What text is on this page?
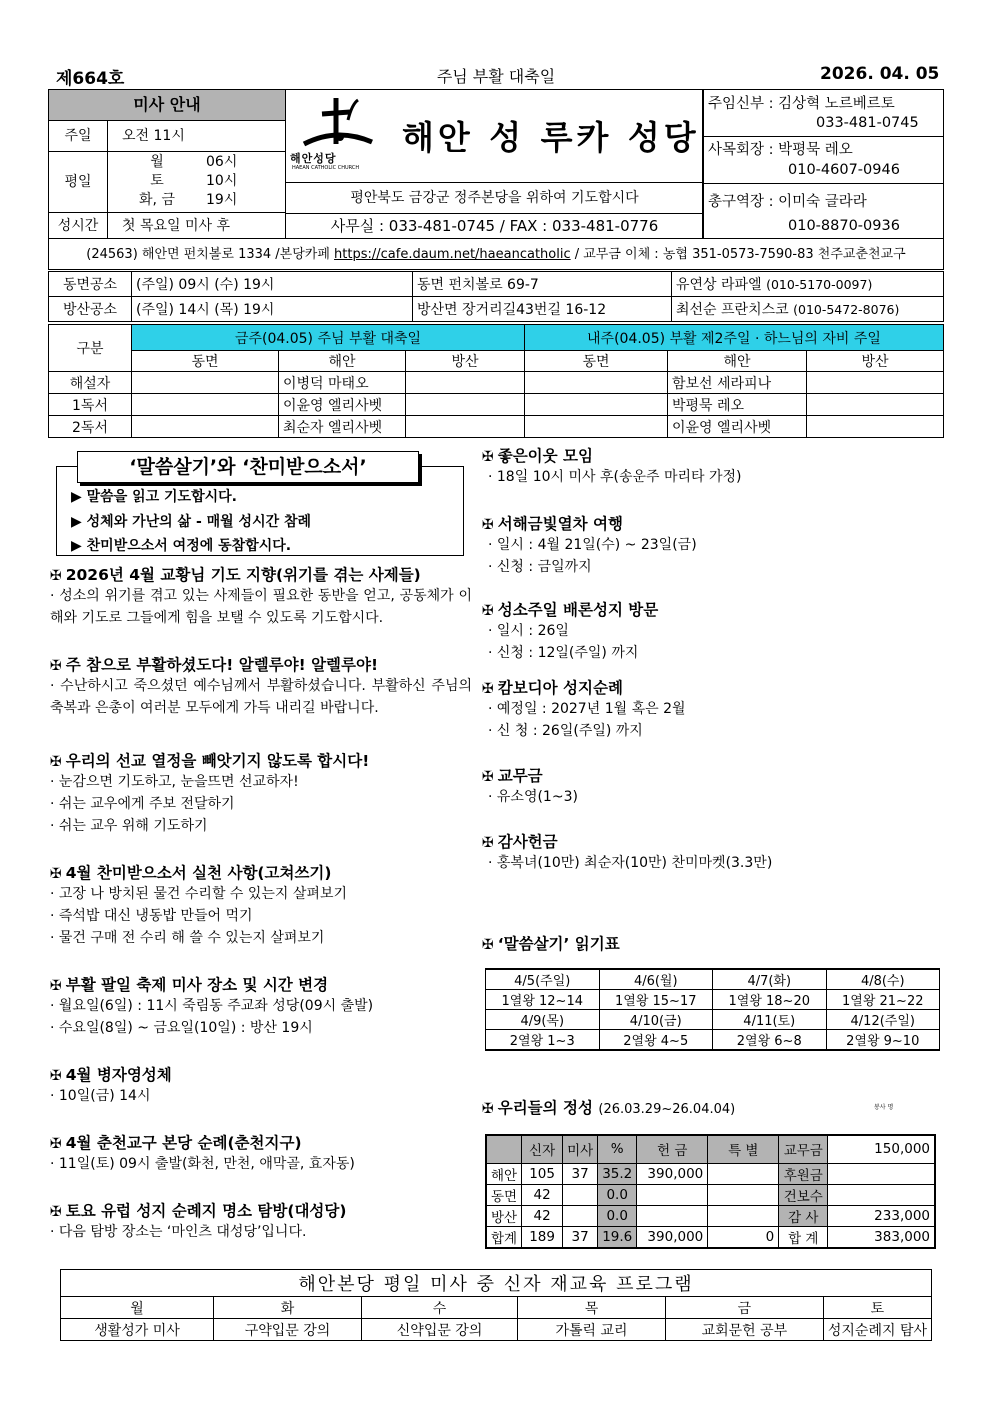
제664호	주님 부활 대축일	2026. 04. 05
미사 안내
주일	오전 11시
평일
월	06시
토	10시
화, 금	19시
성시간	첫 목요일 미사 후
해안성당
HAEAN CATHOLIC CHURCH
해안 성 루카 성당
평안북도 금강군 정주본당을 위하여 기도합시다
사무실 : 033-481-0745 / FAX : 033-481-0776
주임신부 : 김상혁 노르베르토
033-481-0745
사목회장 : 박평묵 레오
010-4607-0946
총구역장 : 이미숙 글라라
010-8870-0936
(24563) 해안면 펀치볼로 1334 /본당카페 https://cafe.daum.net/haeancatholic / 교무금 이체 : 농협 351-0573-7590-83 천주교춘천교구
동면공소	(주일) 09시 (수) 19시	동면 펀치볼로 69-7	유연상 라파엘 (010-5170-0097)
방산공소	(주일) 14시 (목) 19시	방산면 장거리길43번길 16-12	최선순 프란치스코 (010-5472-8076)
구분	금주(04.05) 주님 부활 대축일			내주(04.05) 부활 제2주일 · 하느님의 자비 주일		
	동면	해안	방산	동면	해안	방산
해설자		이병덕 마태오			함보선 세라피나	
1독서		이윤영 엘리사벳			박평묵 레오	
2독서		최순자 엘리사벳			이윤영 엘리사벳	
‘말씀살기’와 ‘찬미받으소서’
▶ 말씀을 읽고 기도합시다.
▶ 성체와 가난의 삶 - 매월 성시간 참례
▶ 찬미받으소서 여정에 동참합시다.
✠ 2026년 4월 교황님 기도 지향(위기를 겪는 사제들)
· 성소의 위기를 겪고 있는 사제들이 필요한 동반을 얻고, 공동체가 이해와 기도로 그들에게 힘을 보탤 수 있도록 기도합시다.
✠ 주 참으로 부활하셨도다! 알렐루야! 알렐루야!
· 수난하시고 죽으셨던 예수님께서 부활하셨습니다. 부활하신 주님의 축복과 은총이 여러분 모두에게 가득 내리길 바랍니다.
✠ 우리의 선교 열정을 빼앗기지 않도록 합시다!
· 눈감으면 기도하고, 눈을뜨면 선교하자!
· 쉬는 교우에게 주보 전달하기
· 쉬는 교우 위해 기도하기
✠ 4월 찬미받으소서 실천 사항(고쳐쓰기)
· 고장 나 방치된 물건 수리할 수 있는지 살펴보기
· 즉석밥 대신 냉동밥 만들어 먹기
· 물건 구매 전 수리 해 쓸 수 있는지 살펴보기
✠ 부활 팔일 축제 미사 장소 및 시간 변경
· 월요일(6일) : 11시 죽림동 주교좌 성당(09시 출발)
· 수요일(8일) ~ 금요일(10일) : 방산 19시
✠ 4월 병자영성체
· 10일(금) 14시
✠ 4월 춘천교구 본당 순례(춘천지구)
· 11일(토) 09시 출발(화천, 만천, 애막골, 효자동)
✠ 토요 유럽 성지 순례지 명소 탐방(대성당)
· 다음 탐방 장소는 ‘마인츠 대성당’입니다.
✠ 좋은이웃 모임
· 18일 10시 미사 후(송운주 마리타 가정)
✠ 서해금빛열차 여행
· 일시 : 4월 21일(수) ~ 23일(금)
· 신청 : 금일까지
✠ 성소주일 배론성지 방문
· 일시 : 26일
· 신청 : 12일(주일) 까지
✠ 캄보디아 성지순례
· 예정일 : 2027년 1월 혹은 2월
· 신 청 : 26일(주일) 까지
✠ 교무금
· 유소영(1~3)
✠ 감사헌금
· 홍복녀(10만) 최순자(10만) 찬미마켓(3.3만)
✠ ‘말씀살기’ 읽기표
4/5(주일)	4/6(월)	4/7(화)	4/8(수)
1열왕 12~14	1열왕 15~17	1열왕 18~20	1열왕 21~22
4/9(목)	4/10(금)	4/11(토)	4/12(주일)
2열왕 1~3	2열왕 4~5	2열왕 6~8	2열왕 9~10
✠ 우리들의 정성 (26.03.29~26.04.04)	봉사 명
	신자	미사	%	헌 금	특 별	교무금	150,000
해안	105	37	35.2	390,000		후원금	
동면	42		0.0			건보수	
방산	42		0.0			감 사	233,000
합계	189	37	19.6	390,000	0	합 계	383,000
해안본당 평일 미사 중 신자 재교육 프로그램					
월	화	수	목	금	토
생활성가 미사	구약입문 강의	신약입문 강의	가톨릭 교리	교회문헌 공부	성지순례지 탐사
